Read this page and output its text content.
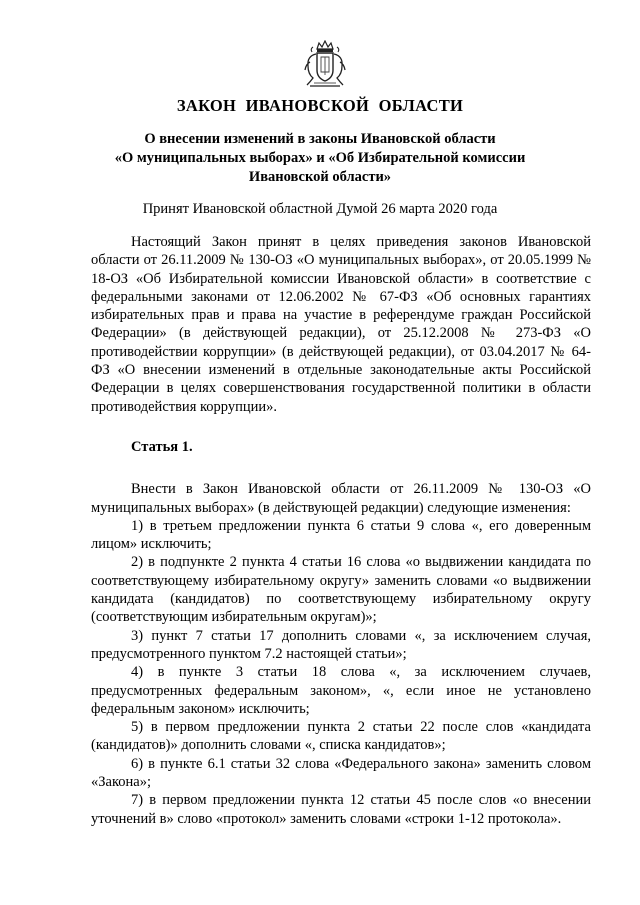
ЗАКОН ИВАНОВСКОЙ ОБЛАСТИ
О внесении изменений в законы Ивановской области
«О муниципальных выборах» и «Об Избирательной комиссии
Ивановской области»
Принят Ивановской областной Думой 26 марта 2020 года

Настоящий Закон принят в целях приведения законов Ивановской области от 26.11.2009 № 130-ОЗ «О муниципальных выборах», от 20.05.1999 № 18-ОЗ «Об Избирательной комиссии Ивановской области» в соответствие с федеральными законами от 12.06.2002 № 67-ФЗ «Об основных гарантиях избирательных прав и права на участие в референдуме граждан Российской Федерации» (в действующей редакции), от 25.12.2008 № 273-ФЗ «О противодействии коррупции» (в действующей редакции), от 03.04.2017 № 64-ФЗ «О внесении изменений в отдельные законодательные акты Российской Федерации в целях совершенствования государственной политики в области противодействия коррупции».

Статья 1.

Внести в Закон Ивановской области от 26.11.2009 № 130-ОЗ «О муниципальных выборах» (в действующей редакции) следующие изменения:

1) в третьем предложении пункта 6 статьи 9 слова «, его доверенным лицом» исключить;

2) в подпункте 2 пункта 4 статьи 16 слова «о выдвижении кандидата по соответствующему избирательному округу» заменить словами «о выдвижении кандидата (кандидатов) по соответствующему избирательному округу (соответствующим избирательным округам)»;

3) пункт 7 статьи 17 дополнить словами «, за исключением случая, предусмотренного пунктом 7.2 настоящей статьи»;

4) в пункте 3 статьи 18 слова «, за исключением случаев, предусмотренных федеральным законом», «, если иное не установлено федеральным законом» исключить;

5) в первом предложении пункта 2 статьи 22 после слов «кандидата (кандидатов)» дополнить словами «, списка кандидатов»;

6) в пункте 6.1 статьи 32 слова «Федерального закона» заменить словом «Закона»;

7) в первом предложении пункта 12 статьи 45 после слов «о внесении уточнений в» слово «протокол» заменить словами «строки 1-12 протокола».
